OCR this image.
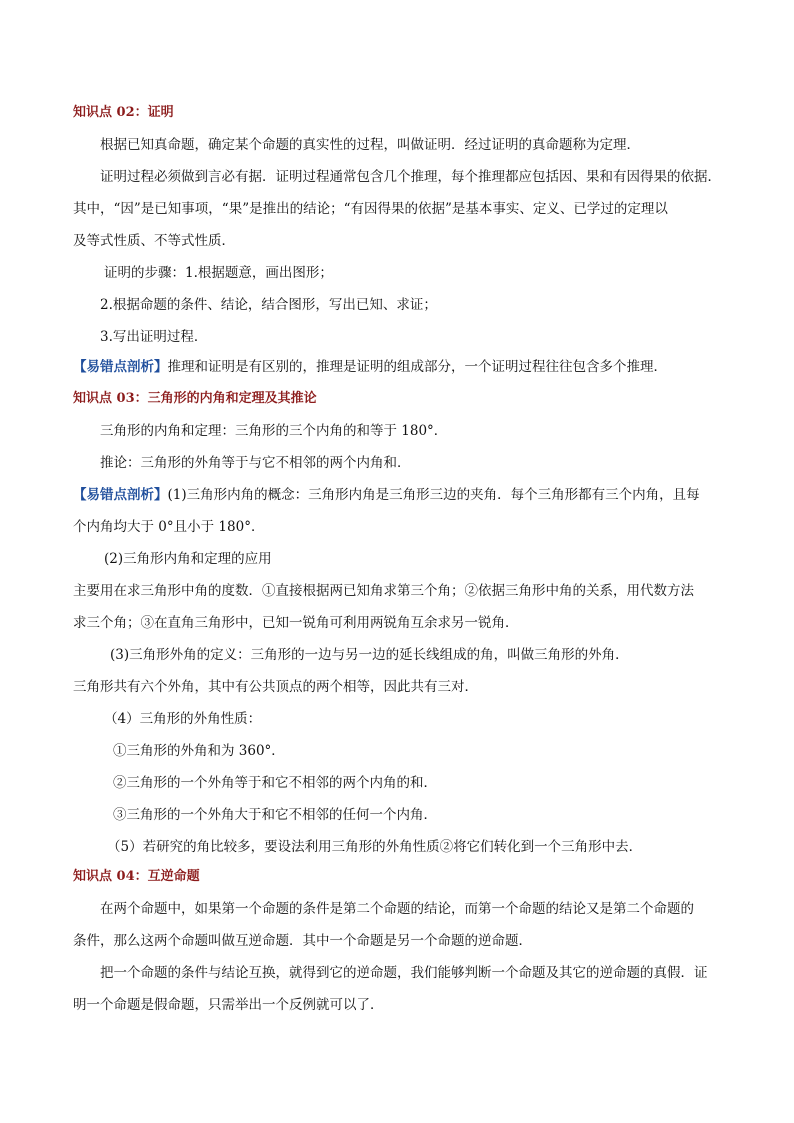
知识点 02：证明
根据已知真命题，确定某个命题的真实性的过程，叫做证明．经过证明的真命题称为定理．
证明过程必须做到言必有据．证明过程通常包含几个推理，每个推理都应包括因、果和有因得果的依据．
其中，“因”是已知事项，“果”是推出的结论；“有因得果的依据”是基本事实、定义、已学过的定理以
及等式性质、不等式性质．
证明的步骤：1.根据题意，画出图形；
2.根据命题的条件、结论，结合图形，写出已知、求证；
3.写出证明过程．
【易错点剖析】推理和证明是有区别的，推理是证明的组成部分，一个证明过程往往包含多个推理．
知识点 03：三角形的内角和定理及其推论
三角形的内角和定理：三角形的三个内角的和等于 180°．
推论：三角形的外角等于与它不相邻的两个内角和．
【易错点剖析】(1)三角形内角的概念：三角形内角是三角形三边的夹角．每个三角形都有三个内角，且每
个内角均大于 0°且小于 180°．
(2)三角形内角和定理的应用
主要用在求三角形中角的度数．①直接根据两已知角求第三个角；②依据三角形中角的关系，用代数方法
求三个角；③在直角三角形中，已知一锐角可利用两锐角互余求另一锐角．
(3)三角形外角的定义：三角形的一边与另一边的延长线组成的角，叫做三角形的外角．
三角形共有六个外角，其中有公共顶点的两个相等，因此共有三对．
（4）三角形的外角性质：
①三角形的外角和为 360°．
②三角形的一个外角等于和它不相邻的两个内角的和．
③三角形的一个外角大于和它不相邻的任何一个内角．
（5）若研究的角比较多，要设法利用三角形的外角性质②将它们转化到一个三角形中去．
知识点 04：互逆命题
在两个命题中，如果第一个命题的条件是第二个命题的结论，而第一个命题的结论又是第二个命题的
条件，那么这两个命题叫做互逆命题．其中一个命题是另一个命题的逆命题．
把一个命题的条件与结论互换，就得到它的逆命题，我们能够判断一个命题及其它的逆命题的真假．证
明一个命题是假命题，只需举出一个反例就可以了．
